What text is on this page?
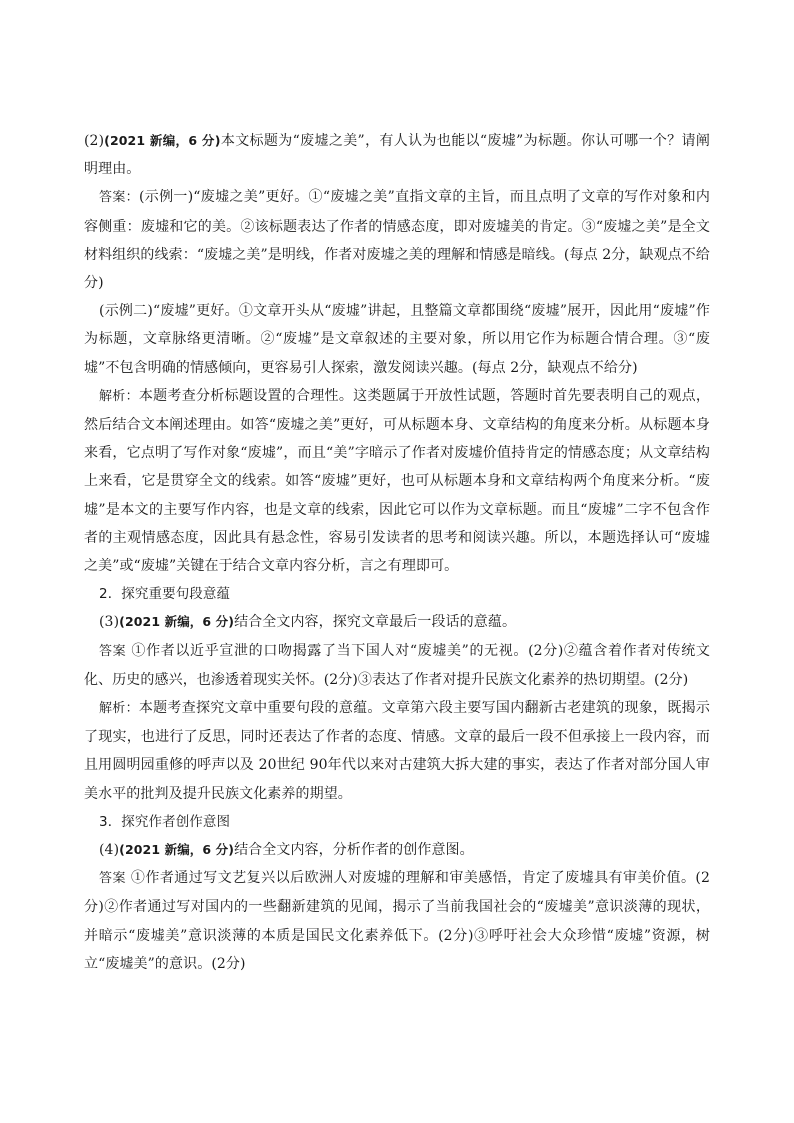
(2)(2021 新编，6 分)本文标题为“废墟之美”，有人认为也能以“废墟”为标题。你认可哪一个？请阐明理由。

答案：(示例一)“废墟之美”更好。①“废墟之美”直指文章的主旨，而且点明了文章的写作对象和内容侧重：废墟和它的美。②该标题表达了作者的情感态度，即对废墟美的肯定。③“废墟之美”是全文材料组织的线索：“废墟之美”是明线，作者对废墟之美的理解和情感是暗线。(每点 2分，缺观点不给分)

(示例二)“废墟”更好。①文章开头从“废墟”讲起，且整篇文章都围绕“废墟”展开，因此用“废墟”作为标题，文章脉络更清晰。②“废墟”是文章叙述的主要对象，所以用它作为标题合情合理。③“废墟”不包含明确的情感倾向，更容易引人探索，激发阅读兴趣。(每点 2分，缺观点不给分)

解析：本题考查分析标题设置的合理性。这类题属于开放性试题，答题时首先要表明自己的观点，然后结合文本阐述理由。如答“废墟之美”更好，可从标题本身、文章结构的角度来分析。从标题本身来看，它点明了写作对象“废墟”，而且“美”字暗示了作者对废墟价值持肯定的情感态度；从文章结构上来看，它是贯穿全文的线索。如答“废墟”更好，也可从标题本身和文章结构两个角度来分析。“废墟”是本文的主要写作内容，也是文章的线索，因此它可以作为文章标题。而且“废墟”二字不包含作者的主观情感态度，因此具有悬念性，容易引发读者的思考和阅读兴趣。所以，本题选择认可“废墟之美”或“废墟”关键在于结合文章内容分析，言之有理即可。

2．探究重要句段意蕴

(3)(2021 新编，6 分)结合全文内容，探究文章最后一段话的意蕴。

答案 ①作者以近乎宣泄的口吻揭露了当下国人对“废墟美”的无视。(2分)②蕴含着作者对传统文化、历史的感兴，也渗透着现实关怀。(2分)③表达了作者对提升民族文化素养的热切期望。(2分)

解析：本题考查探究文章中重要句段的意蕴。文章第六段主要写国内翻新古老建筑的现象，既揭示了现实，也进行了反思，同时还表达了作者的态度、情感。文章的最后一段不但承接上一段内容，而且用圆明园重修的呼声以及 20世纪 90年代以来对古建筑大拆大建的事实，表达了作者对部分国人审美水平的批判及提升民族文化素养的期望。

3．探究作者创作意图

(4)(2021 新编，6 分)结合全文内容，分析作者的创作意图。

答案 ①作者通过写文艺复兴以后欧洲人对废墟的理解和审美感悟，肯定了废墟具有审美价值。(2分)②作者通过写对国内的一些翻新建筑的见闻，揭示了当前我国社会的“废墟美”意识淡薄的现状，并暗示“废墟美”意识淡薄的本质是国民文化素养低下。(2分)③呼吁社会大众珍惜“废墟”资源，树立“废墟美”的意识。(2分)
